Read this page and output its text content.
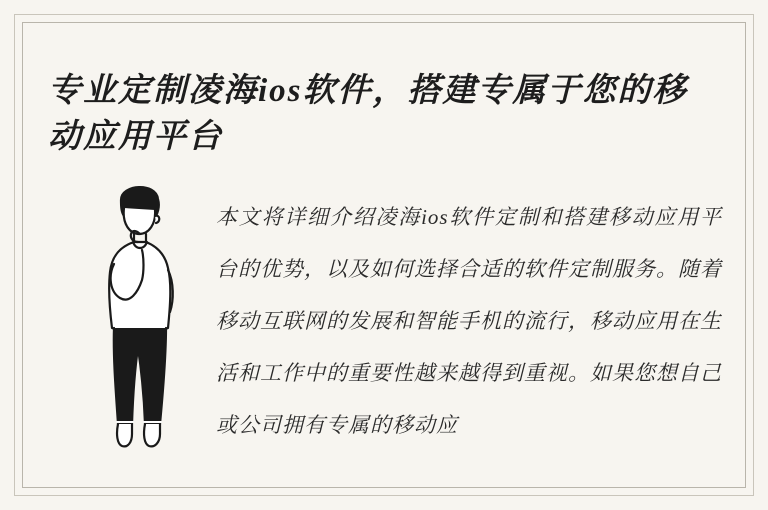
专业定制凌海ios软件，搭建专属于您的移动应用平台

本文将详细介绍凌海ios软件定制和搭建移动应用平台的优势，以及如何选择合适的软件定制服务。随着移动互联网的发展和智能手机的流行，移动应用在生活和工作中的重要性越来越得到重视。如果您想自己或公司拥有专属的移动应
